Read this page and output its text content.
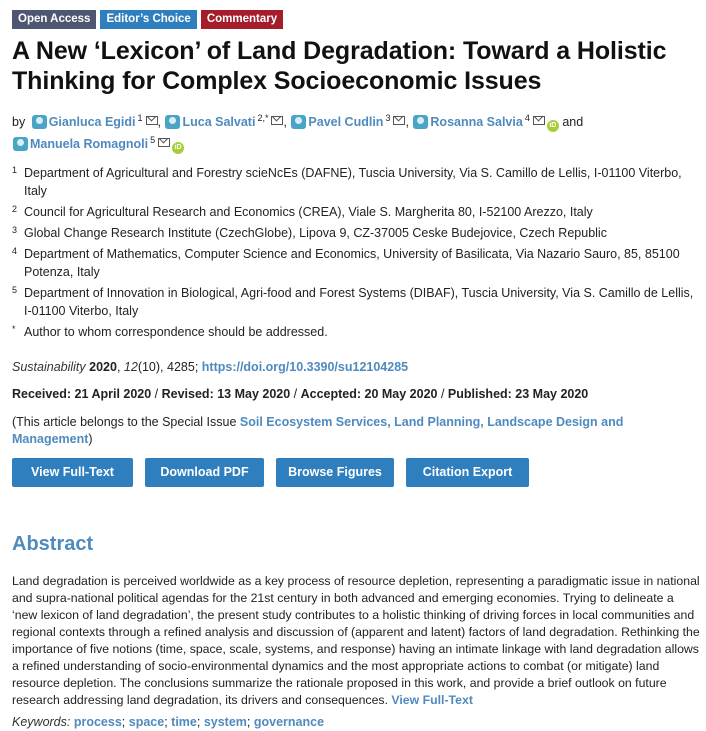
Open Access	Editor’s Choice	Commentary
A New ‘Lexicon’ of Land Degradation: Toward a Holistic Thinking for Complex Socioeconomic Issues
by Gianluca Egidi $^1$ , Luca Salvati $^{2,*}$ , Pavel Cudlin $^3$ , Rosanna Salvia $^4$iD and
Manuela Romagnoli $^5$iD
1 Department of Agricultural and Forestry scieNcEs (DAFNE), Tuscia University, Via S. Camillo de Lellis, I-01100 Viterbo, Italy
2 Council for Agricultural Research and Economics (CREA), Viale S. Margherita 80, I-52100 Arezzo, Italy
3 Global Change Research Institute (CzechGlobe), Lipova 9, CZ-37005 Ceske Budejovice, Czech Republic
4 Department of Mathematics, Computer Science and Economics, University of Basilicata, Via Nazario Sauro, 85, 85100 Potenza, Italy
5 Department of Innovation in Biological, Agri-food and Forest Systems (DIBAF), Tuscia University, Via S. Camillo de Lellis, I-01100 Viterbo, Italy
* Author to whom correspondence should be addressed.
Sustainability 2020, 12(10), 4285; https://doi.org/10.3390/su12104285
Received: 21 April 2020 / Revised: 13 May 2020 / Accepted: 20 May 2020 / Published: 23 May 2020
(This article belongs to the Special Issue Soil Ecosystem Services, Land Planning, Landscape Design and Management)
View Full-Text	Download PDF	Browse Figures	Citation Export
Abstract
Land degradation is perceived worldwide as a key process of resource depletion, representing a paradigmatic issue in national and supra-national political agendas for the 21st century in both advanced and emerging economies. Trying to delineate a ‘new lexicon of land degradation’, the present study contributes to a holistic thinking of driving forces in local communities and regional contexts through a refined analysis and discussion of (apparent and latent) factors of land degradation. Rethinking the importance of five notions (time, space, scale, systems, and response) having an intimate linkage with land degradation allows a refined understanding of socio-environmental dynamics and the most appropriate actions to combat (or mitigate) land resource depletion. The conclusions summarize the rationale proposed in this work, and provide a brief outlook on future research addressing land degradation, its drivers and consequences. View Full-Text
Keywords: process; space; time; system; governance
